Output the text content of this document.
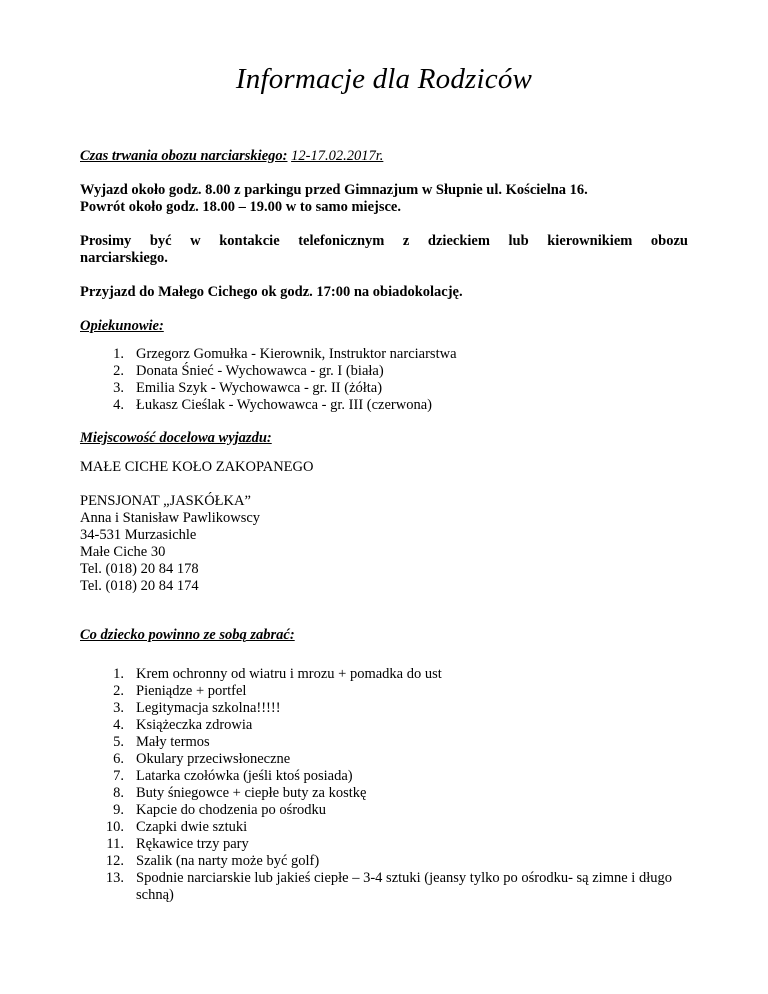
Informacje dla Rodziców
Czas trwania obozu narciarskiego: 12-17.02.2017r.
Wyjazd około godz. 8.00 z parkingu przed Gimnazjum w Słupnie ul. Kościelna 16.
Powrót około godz. 18.00 – 19.00 w to samo miejsce.
Prosimy być w kontakcie telefonicznym z dzieckiem lub kierownikiem obozu
narciarskiego.
Przyjazd do Małego Cichego ok godz. 17:00 na obiadokolację.
Opiekunowie:
1. Grzegorz Gomułka - Kierownik, Instruktor narciarstwa
2. Donata Śnieć - Wychowawca - gr. I (biała)
3. Emilia Szyk - Wychowawca - gr. II (żółta)
4. Łukasz Cieślak - Wychowawca - gr. III (czerwona)
Miejscowość docelowa wyjazdu:
MAŁE CICHE KOŁO ZAKOPANEGO
PENSJONAT „JASKÓŁKA”
Anna i Stanisław Pawlikowscy
34-531 Murzasichle
Małe Ciche 30
Tel. (018) 20 84 178
Tel. (018) 20 84 174
Co dziecko powinno ze sobą zabrać:
1. Krem ochronny od wiatru i mrozu + pomadka do ust
2. Pieniądze + portfel
3. Legitymacja szkolna!!!!!
4. Książeczka zdrowia
5. Mały termos
6. Okulary przeciwsłoneczne
7. Latarka czołówka (jeśli ktoś posiada)
8. Buty śniegowce + ciepłe buty za kostkę
9. Kapcie do chodzenia po ośrodku
10. Czapki dwie sztuki
11. Rękawice trzy pary
12. Szalik (na narty może być golf)
13. Spodnie narciarskie lub jakieś ciepłe – 3-4 sztuki (jeansy tylko po ośrodku- są zimne i długo schną)
